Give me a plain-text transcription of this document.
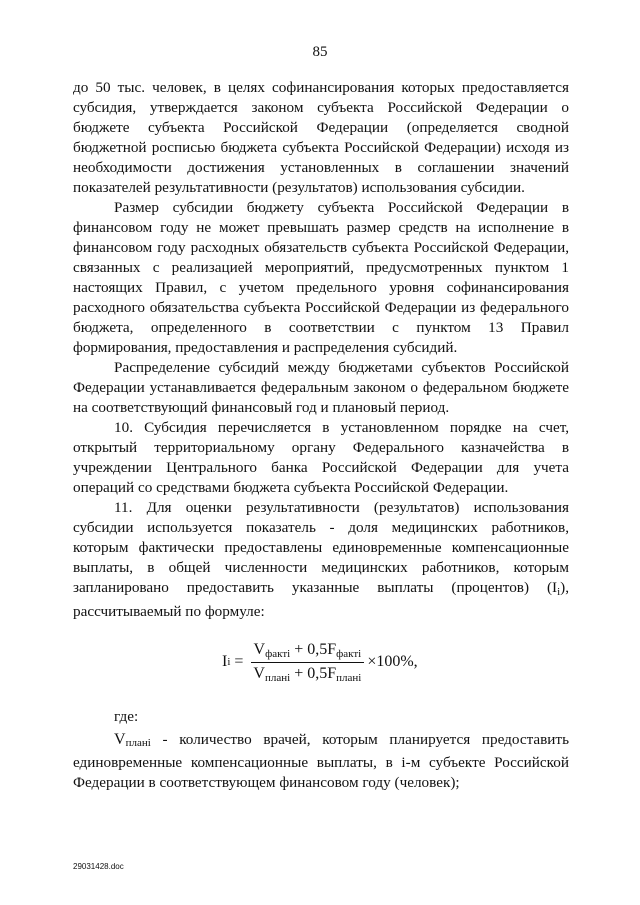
85

до 50 тыс. человек, в целях софинансирования которых предоставляется субсидия, утверждается законом субъекта Российской Федерации о бюджете субъекта Российской Федерации (определяется сводной бюджетной росписью бюджета субъекта Российской Федерации) исходя из необходимости достижения установленных в соглашении значений показателей результативности (результатов) использования субсидии.

Размер субсидии бюджету субъекта Российской Федерации в финансовом году не может превышать размер средств на исполнение в финансовом году расходных обязательств субъекта Российской Федерации, связанных с реализацией мероприятий, предусмотренных пунктом 1 настоящих Правил, с учетом предельного уровня софинансирования расходного обязательства субъекта Российской Федерации из федерального бюджета, определенного в соответствии с пунктом 13 Правил формирования, предоставления и распределения субсидий.

Распределение субсидий между бюджетами субъектов Российской Федерации устанавливается федеральным законом о федеральном бюджете на соответствующий финансовый год и плановый период.

10. Субсидия перечисляется в установленном порядке на счет, открытый территориальному органу Федерального казначейства в учреждении Центрального банка Российской Федерации для учета операций со средствами бюджета субъекта Российской Федерации.

11. Для оценки результативности (результатов) использования субсидии используется показатель - доля медицинских работников, которым фактически предоставлены единовременные компенсационные выплаты, в общей численности медицинских работников, которым запланировано предоставить указанные выплаты (процентов) $(I_i)$, рассчитываемый по формуле:

I $i = \frac{V_{фактi} + 0,5F_{фактi}}{V_{планi} + 0,5F_{планi}} \times 100\%$,
где:

Vпланi - количество врачей, которым планируется предоставить единовременные компенсационные выплаты, в i-м субъекте Российской Федерации в соответствующем финансовом году (человек);

29031428.doc
